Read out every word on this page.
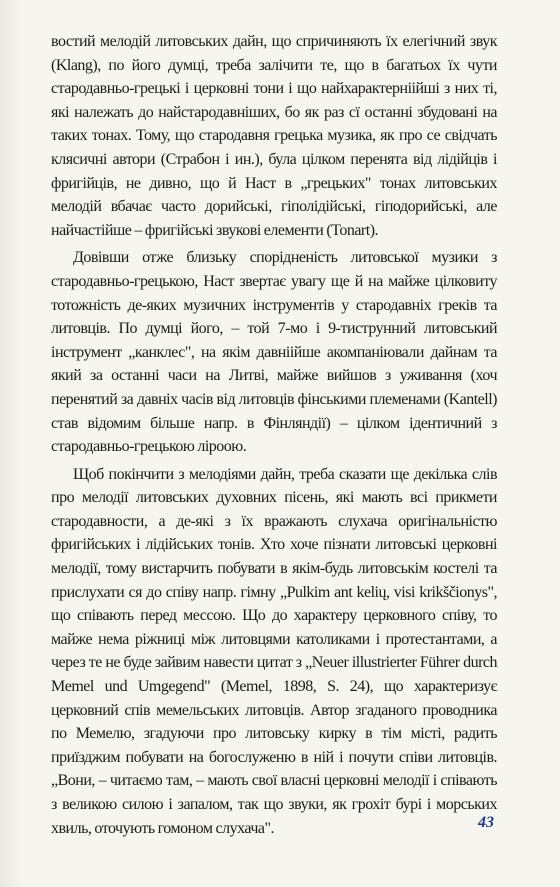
востий мелодій литовських дайн, що спричиняють їх елегічний звук (Klang), по його думці, треба залічити те, що в багатьох їх чути стародавньо-грецькі і церковні тони і що найхарактерніійші з них ті, які належать до найстародавніших, бо як раз сї останні збудовані на таких тонах. Тому, що стародавня грецька музика, як про се свідчать клясичні автори (Страбон і ин.), була цілком перенята від лідійців і фригійців, не дивно, що й Наст в „грецьких" тонах литовських мелодій вбачає часто дорийські, гіполідійські, гіподорийські, але найчастійше – фригійські звукові елементи (Tonart).

Довівши отже близьку спорідненість литовської музики з стародавньо-грецькою, Наст звертає увагу ще й на майже цілковиту тотожність де-яких музичних інструментів у стародавніх греків та литовців. По думці його, – той 7-мо і 9-тиструнний литовський інструмент „канклес", на якім давніійше акомпаніювали дайнам та який за останні часи на Литві, майже вийшов з уживання (хоч перенятий за давніх часів від литовців фінськими племенами (Kantell) став відомим більше напр. в Фінляндії) – цілком ідентичний з стародавньо-грецькою ліроою.

Щоб покінчити з мелодіями дайн, треба сказати ще декілька слів про мелодії литовських духовних пісень, які мають всі прикмети стародавности, а де-які з їх вражають слухача оригінальністю фригійських і лідійських тонів. Хто хоче пізнати литовські церковні мелодії, тому вистарчить побувати в якім-будь литовськім костелі та прислухати ся до співу напр. гімну „Pulkim ant kelių, visi krikščionys", що співають перед мессою. Що до характеру церковного співу, то майже нема ріжниці між литовцями католиками і протестантами, а через те не буде зайвим навести цитат з „Neuer illustrierter Führer durch Memel und Umgegend" (Memel, 1898, S. 24), що характеризує церковний спів мемельських литовців. Автор згаданого проводника по Мемелю, згадуючи про литовську кирку в тім місті, радить приїзджим побувати на богослуженю в ній і почути співи литовців. „Вони, – читаємо там, – мають свої власні церковні мелодії і співають з великою силою і запалом, так що звуки, як грохіт бурі і морських хвиль, оточують гомоном слухача".	43
